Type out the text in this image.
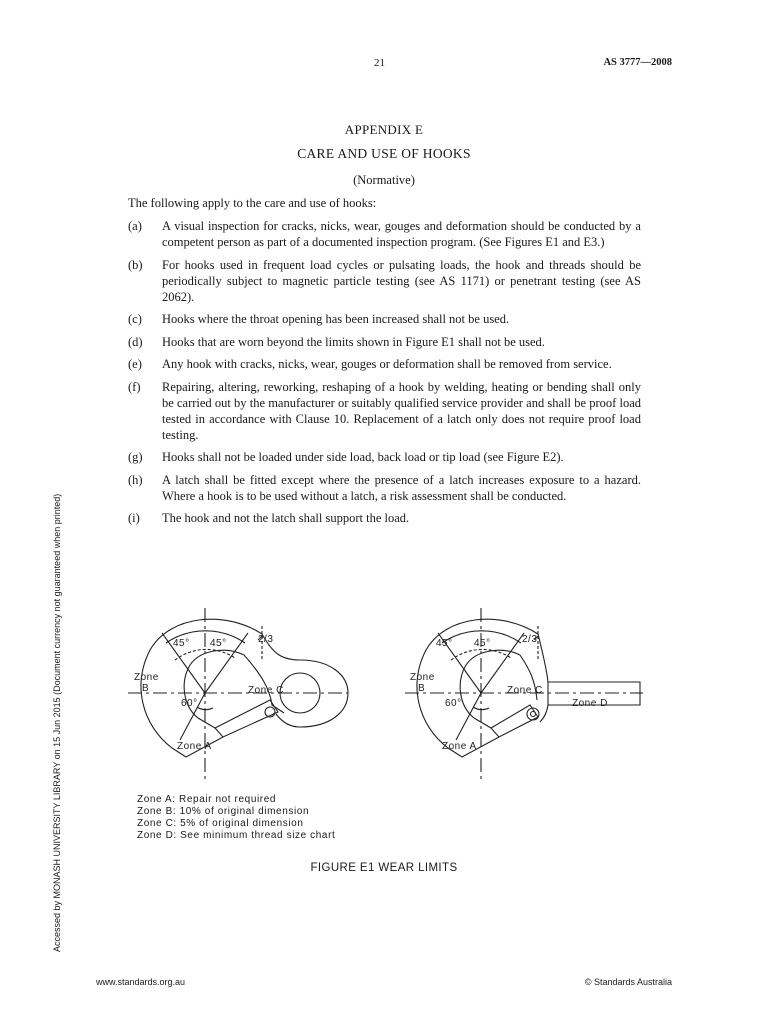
21	AS 3777—2008
APPENDIX E
CARE AND USE OF HOOKS
(Normative)
The following apply to the care and use of hooks:
(a)	A visual inspection for cracks, nicks, wear, gouges and deformation should be conducted by a competent person as part of a documented inspection program. (See Figures E1 and E3.)
(b)	For hooks used in frequent load cycles or pulsating loads, the hook and threads should be periodically subject to magnetic particle testing (see AS 1171) or penetrant testing (see AS 2062).
(c)	Hooks where the throat opening has been increased shall not be used.
(d)	Hooks that are worn beyond the limits shown in Figure E1 shall not be used.
(e)	Any hook with cracks, nicks, wear, gouges or deformation shall be removed from service.
(f)	Repairing, altering, reworking, reshaping of a hook by welding, heating or bending shall only be carried out by the manufacturer or suitably qualified service provider and shall be proof load tested in accordance with Clause 10. Replacement of a latch only does not require proof load testing.
(g)	Hooks shall not be loaded under side load, back load or tip load (see Figure E2).
(h)	A latch shall be fitted except where the presence of a latch increases exposure to a hazard. Where a hook is to be used without a latch, a risk assessment shall be conducted.
(i)	The hook and not the latch shall support the load.
45° 45°	2/3
Zone
B	Zone C
60°
Zone A
45° 45°	2/3
Zone
B	Zone C
Zone D
60°
Zone A
Zone A: Repair not required
Zone B: 10% of original dimension
Zone C: 5% of original dimension
Zone D: See minimum thread size chart
FIGURE E1 WEAR LIMITS
Accessed by MONASH UNIVERSITY LIBRARY on 15 Jun 2015 (Document currency not guaranteed when printed)
www.standards.org.au	© Standards Australia
